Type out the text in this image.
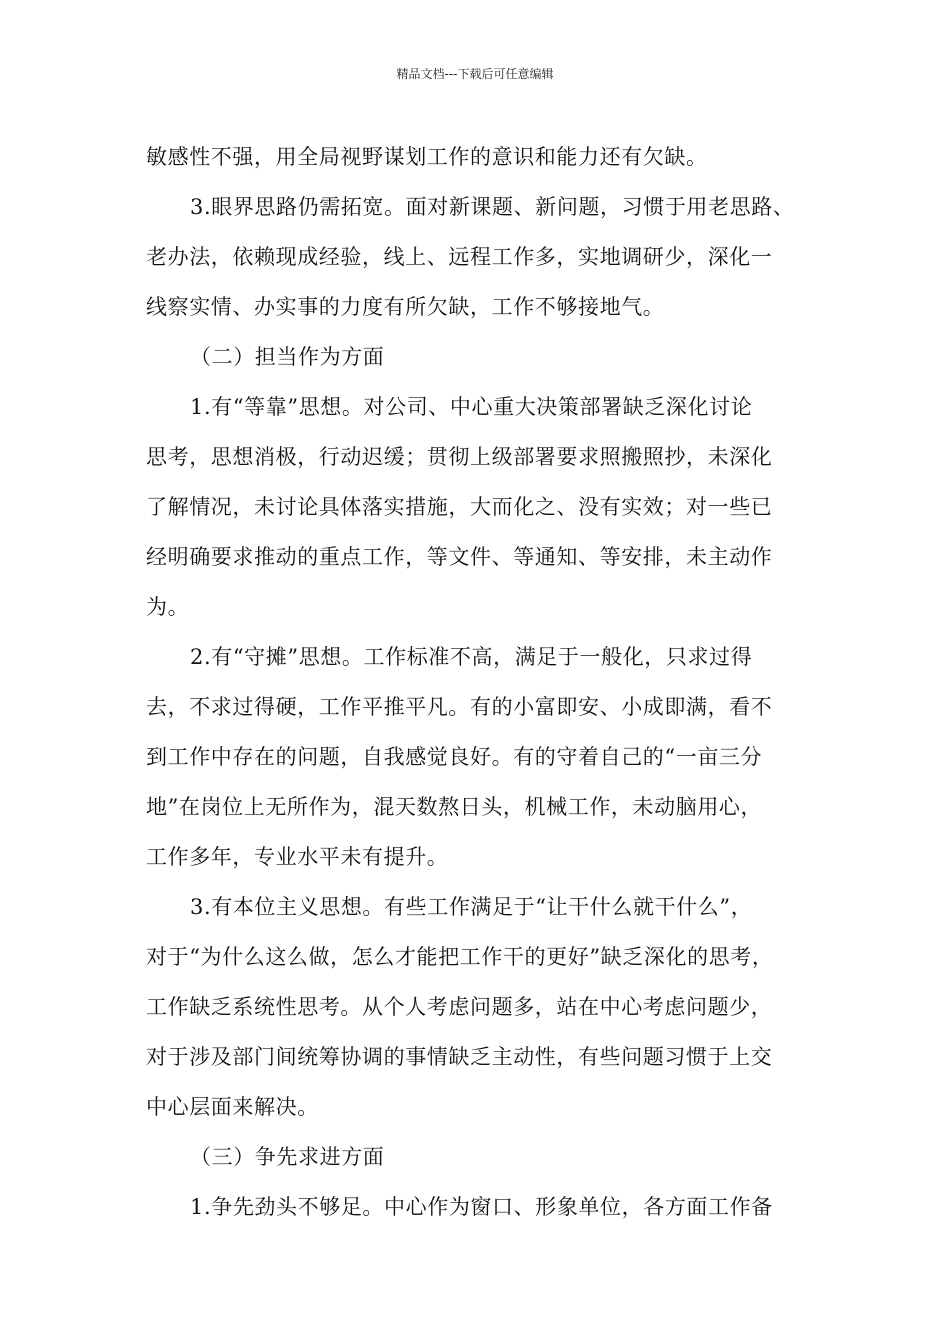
精品文档---下载后可任意编辑
敏感性不强，用全局视野谋划工作的意识和能力还有欠缺。
3.眼界思路仍需拓宽。面对新课题、新问题，习惯于用老思路、
老办法，依赖现成经验，线上、远程工作多，实地调研少，深化一
线察实情、办实事的力度有所欠缺，工作不够接地气。
（二）担当作为方面
1.有“等靠”思想。对公司、中心重大决策部署缺乏深化讨论
思考，思想消极，行动迟缓；贯彻上级部署要求照搬照抄，未深化
了解情况，未讨论具体落实措施，大而化之、没有实效；对一些已
经明确要求推动的重点工作，等文件、等通知、等安排，未主动作
为。
2.有“守摊”思想。工作标准不高，满足于一般化，只求过得
去，不求过得硬，工作平推平凡。有的小富即安、小成即满，看不
到工作中存在的问题，自我感觉良好。有的守着自己的“一亩三分
地”在岗位上无所作为，混天数熬日头，机械工作，未动脑用心，
工作多年，专业水平未有提升。
3.有本位主义思想。有些工作满足于“让干什么就干什么”，
对于“为什么这么做，怎么才能把工作干的更好”缺乏深化的思考，
工作缺乏系统性思考。从个人考虑问题多，站在中心考虑问题少，
对于涉及部门间统筹协调的事情缺乏主动性，有些问题习惯于上交
中心层面来解决。
（三）争先求进方面
1.争先劲头不够足。中心作为窗口、形象单位，各方面工作备
